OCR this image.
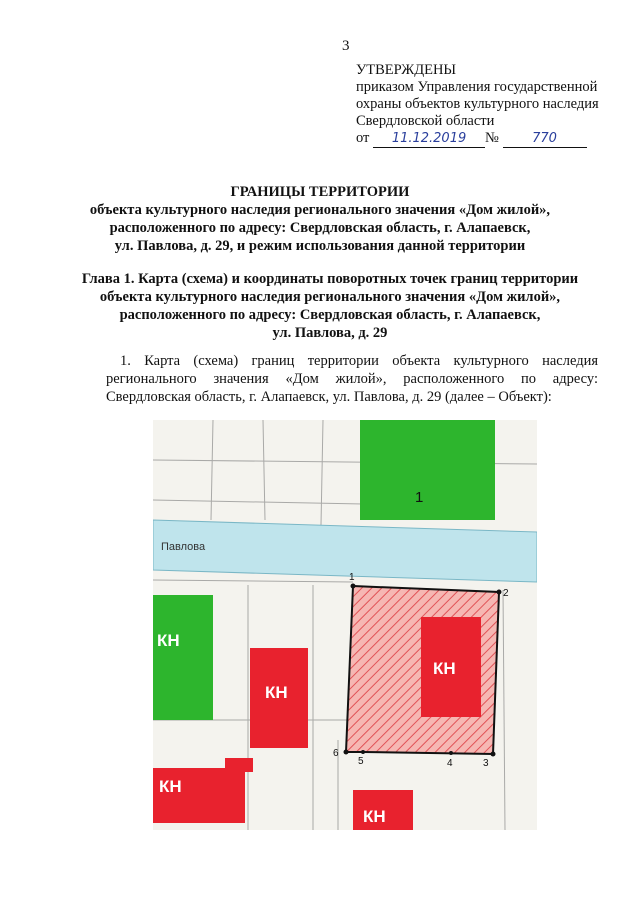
3
УТВЕРЖДЕНЫ
приказом Управления государственной
охраны объектов культурного наследия
Свердловской области
от 11.12.2019 №	770
ГРАНИЦЫ ТЕРРИТОРИИ
объекта культурного наследия регионального значения «Дом жилой»,
расположенного по адресу: Свердловская область, г. Алапаевск,
ул. Павлова, д. 29, и режим использования данной территории
Глава 1. Карта (схема) и координаты поворотных точек границ территории
объекта культурного наследия регионального значения «Дом жилой»,
расположенного по адресу: Свердловская область, г. Алапаевск,
ул. Павлова, д. 29
1. Карта (схема) границ территории объекта культурного наследия регионального значения «Дом жилой», расположенного по адресу: Свердловская область, г. Алапаевск, ул. Павлова, д. 29 (далее – Объект):
Павлова
1
КН
КН
КН
КН
КН
1
2
3
4
5
6
